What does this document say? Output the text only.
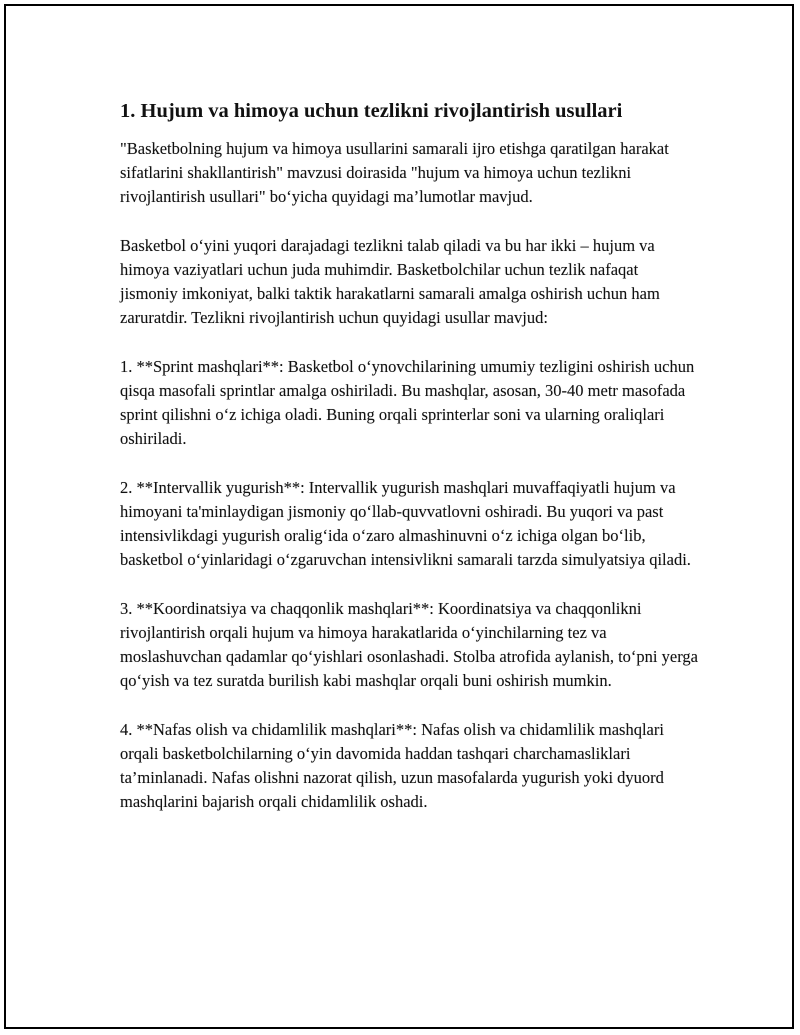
1. Hujum va himoya uchun tezlikni rivojlantirish usullari

"Basketbolning hujum va himoya usullarini samarali ijro etishga qaratilgan harakat sifatlarini shakllantirish" mavzusi doirasida "hujum va himoya uchun tezlikni rivojlantirish usullari" bo‘yicha quyidagi ma’lumotlar mavjud.

Basketbol o‘yini yuqori darajadagi tezlikni talab qiladi va bu har ikki – hujum va himoya vaziyatlari uchun juda muhimdir. Basketbolchilar uchun tezlik nafaqat jismoniy imkoniyat, balki taktik harakatlarni samarali amalga oshirish uchun ham zaruratdir. Tezlikni rivojlantirish uchun quyidagi usullar mavjud:

1. **Sprint mashqlari**: Basketbol o‘ynovchilarining umumiy tezligini oshirish uchun qisqa masofali sprintlar amalga oshiriladi. Bu mashqlar, asosan, 30-40 metr masofada sprint qilishni o‘z ichiga oladi. Buning orqali sprinterlar soni va ularning oraliqlari oshiriladi.

2. **Intervallik yugurish**: Intervallik yugurish mashqlari muvaffaqiyatli hujum va himoyani ta'minlaydigan jismoniy qo‘llab-quvvatlovni oshiradi. Bu yuqori va past intensivlikdagi yugurish oralig‘ida o‘zaro almashinuvni o‘z ichiga olgan bo‘lib, basketbol o‘yinlaridagi o‘zgaruvchan intensivlikni samarali tarzda simulyatsiya qiladi.

3. **Koordinatsiya va chaqqonlik mashqlari**: Koordinatsiya va chaqqonlikni rivojlantirish orqali hujum va himoya harakatlarida o‘yinchilarning tez va moslashuvchan qadamlar qo‘yishlari osonlashadi. Stolba atrofida aylanish, to‘pni yerga qo‘yish va tez suratda burilish kabi mashqlar orqali buni oshirish mumkin.

4. **Nafas olish va chidamlilik mashqlari**: Nafas olish va chidamlilik mashqlari orqali basketbolchilarning o‘yin davomida haddan tashqari charchamasliklari ta’minlanadi. Nafas olishni nazorat qilish, uzun masofalarda yugurish yoki dyuord mashqlarini bajarish orqali chidamlilik oshadi.
